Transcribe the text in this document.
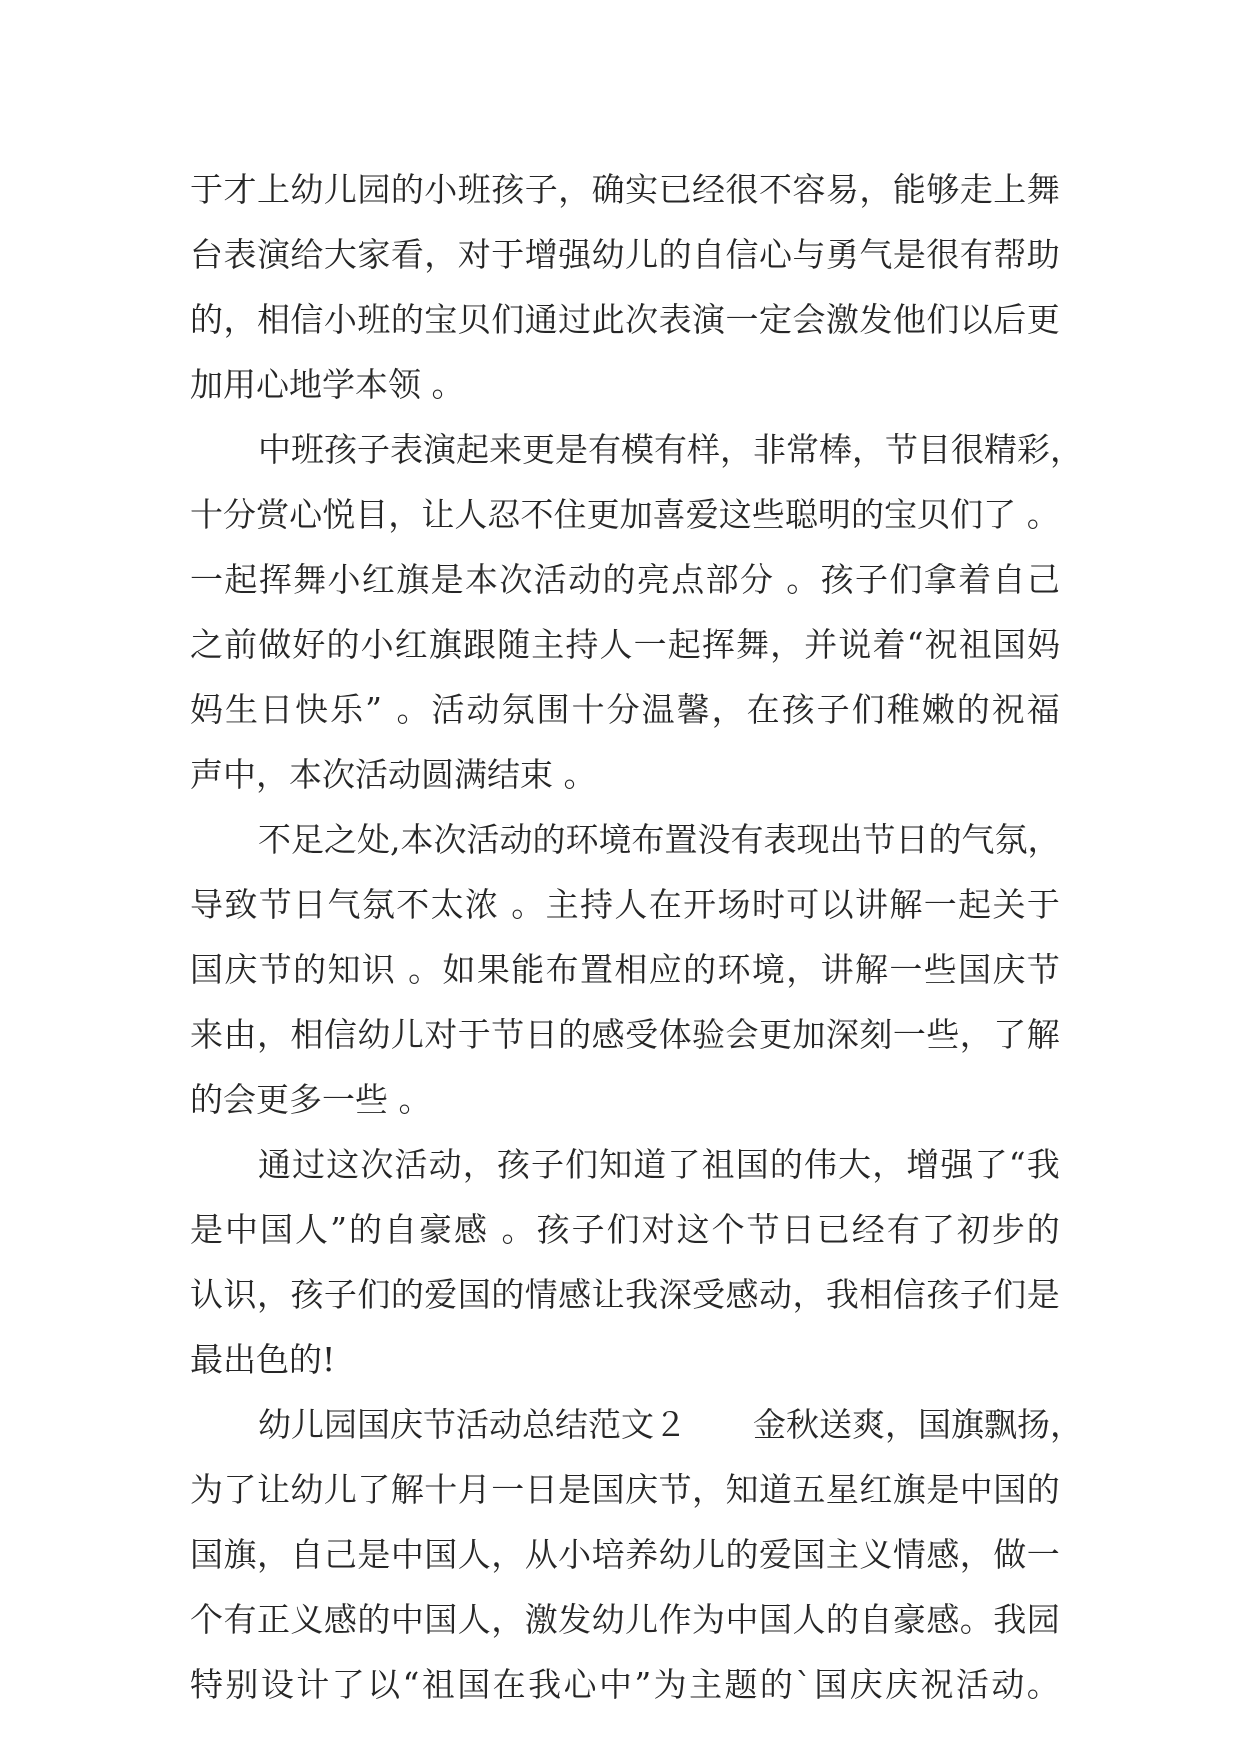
于 才 上 幼 儿 园 的 小 班 孩 子 ， 确 实 已 经 很 不 容 易 ， 能 够 走 上 舞
台 表 演 给 大 家 看 ， 对 于 增 强 幼 儿 的 自 信 心 与 勇 气 是 很 有 帮 助
的 ， 相 信 小 班 的 宝 贝 们 通 过 此 次 表 演 一 定 会 激 发 他 们 以 后 更
加 用 心 地 学 本 领
。
中 班 孩 子 表 演 起 来 更 是 有 模 有 样 ， 非 常 棒 ， 节 目 很 精 彩 ，
十 分 赏 心 悦 目 ， 让 人 忍 不 住 更 加 喜 爱 这 些 聪 明 的 宝 贝 们 了
。
一 起 挥 舞 小 红 旗 是 本 次 活 动 的 亮 点 部 分
。 孩 子 们 拿 着 自 己
之 前 做 好 的 小 红 旗 跟 随 主 持 人 一 起 挥 舞 ， 并 说 着 “ 祝 祖 国 妈
妈 生 日 快 乐 ”
。 活 动 氛 围 十 分 温 馨 ， 在 孩 子 们 稚 嫩 的 祝 福
声 中 ， 本 次 活 动 圆 满 结 束
。
不 足 之 处 , 本 次 活 动 的 环 境 布 置 没 有 表 现 出 节 日 的 气 氛 ，
导 致 节 日 气 氛 不 太 浓
。 主 持 人 在 开 场 时 可 以 讲 解 一 起 关 于
国 庆 节 的 知 识
。 如 果 能 布 置 相 应 的 环 境 ， 讲 解 一 些 国 庆 节
来 由 ， 相 信 幼 儿 对 于 节 日 的 感 受 体 验 会 更 加 深 刻 一 些 ， 了 解
的 会 更 多 一 些
。
通 过 这 次 活 动 ， 孩 子 们 知 道 了 祖 国 的 伟 大 ， 增 强 了 “ 我
是 中 国 人 ” 的 自 豪 感
。 孩 子 们 对 这 个 节 日 已 经 有 了 初 步 的
认 识 ， 孩 子 们 的 爱 国 的 情 感 让 我 深 受 感 动 ， 我 相 信 孩 子 们 是
最 出 色 的 !
幼 儿 园 国 庆 节 活 动 总 结 范 文 ２

　 金 秋 送 爽 ， 国 旗 飘 扬 ，
为 了 让 幼 儿 了 解 十 月 一 日 是 国 庆 节 ， 知 道 五 星 红 旗 是 中 国 的
国 旗 ， 自 己 是 中 国 人 ， 从 小 培 养 幼 儿 的 爱 国 主 义 情 感 ， 做 一
个 有 正 义 感 的 中 国 人 ， 激 发 幼 儿 作 为 中 国 人 的 自 豪 感 。 我 园
特 别 设 计 了 以 “ 祖 国 在 我 心 中 ” 为 主 题 的 ` 国 庆 庆 祝 活 动 。
